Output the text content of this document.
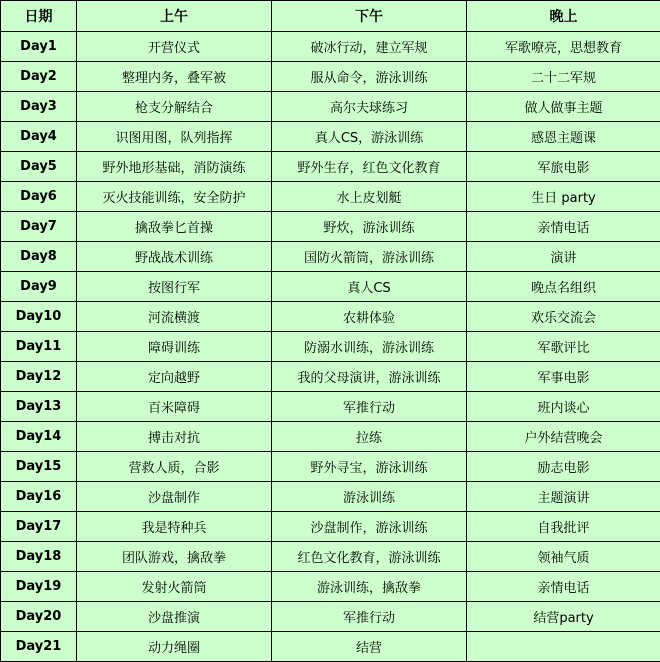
日期	上午	下午	晚上
Day1	开营仪式	破冰行动，建立军规	军歌嘹亮，思想教育
Day2	整理内务，叠军被	服从命令，游泳训练	二十二军规
Day3	枪支分解结合	高尔夫球练习	做人做事主题
Day4	识图用图，队列指挥	真人CS，游泳训练	感恩主题课
Day5	野外地形基础，消防演练	野外生存，红色文化教育	军旅电影
Day6	灭火技能训练，安全防护	水上皮划艇	生日 party
Day7	擒敌拳匕首操	野炊，游泳训练	亲情电话
Day8	野战战术训练	国防火箭筒，游泳训练	演讲
Day9	按图行军	真人CS	晚点名组织
Day10	河流横渡	农耕体验	欢乐交流会
Day11	障碍训练	防溺水训练，游泳训练	军歌评比
Day12	定向越野	我的父母演讲，游泳训练	军事电影
Day13	百米障碍	军推行动	班内谈心
Day14	搏击对抗	拉练	户外结营晚会
Day15	营救人质，合影	野外寻宝，游泳训练	励志电影
Day16	沙盘制作	游泳训练	主题演讲
Day17	我是特种兵	沙盘制作，游泳训练	自我批评
Day18	团队游戏，擒敌拳	红色文化教育，游泳训练	领袖气质
Day19	发射火箭筒	游泳训练，擒敌拳	亲情电话
Day20	沙盘推演	军推行动	结营party
Day21	动力绳圈	结营	
